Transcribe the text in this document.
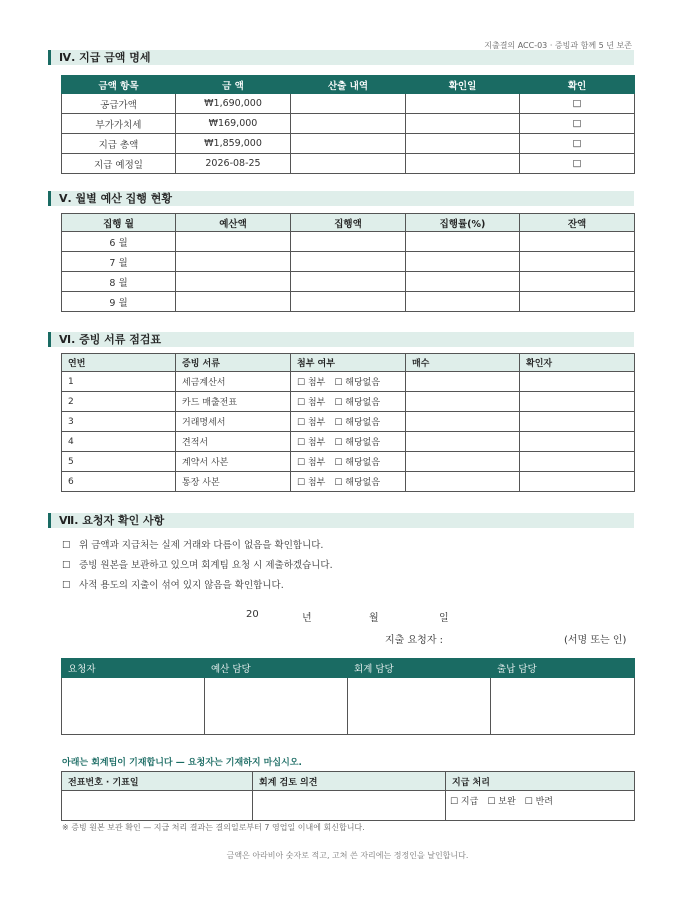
지출결의 ACC-03 · 증빙과 함께 5 년 보존
Ⅳ. 지급 금액 명세
금액 항목	금 액	산출 내역	확인일	확인
공급가액	₩1,690,000			□
부가가치세	₩169,000			□
지급 총액	₩1,859,000			□
지급 예정일	2026-08-25			□
Ⅴ. 월별 예산 집행 현황
집행 월	예산액	집행액	집행률(%)	잔액
6 월				
7 월				
8 월				
9 월				
Ⅵ. 증빙 서류 점검표
연번	증빙 서류	첨부 여부	매수	확인자
1	세금계산서	☐ 첨부　☐ 해당없음		
2	카드 매출전표	☐ 첨부　☐ 해당없음		
3	거래명세서	☐ 첨부　☐ 해당없음		
4	견적서	☐ 첨부　☐ 해당없음		
5	계약서 사본	☐ 첨부　☐ 해당없음		
6	통장 사본	☐ 첨부　☐ 해당없음		
Ⅶ. 요청자 확인 사항
☐ 위 금액과 지급처는 실제 거래와 다름이 없음을 확인합니다.
☐ 증빙 원본을 보관하고 있으며 회계팀 요청 시 제출하겠습니다.
☐ 사적 용도의 지출이 섞여 있지 않음을 확인합니다.
20	년	월	일
지출 요청자 :	(서명 또는 인)
요청자	예산 담당	회계 담당	출납 담당

아래는 회계팀이 기재합니다 — 요청자는 기재하지 마십시오.
전표번호 · 기표일	회계 검토 의견	지급 처리
		☐ 지급　☐ 보완　☐ 반려
※ 증빙 원본 보관 확인 — 지급 처리 결과는 결의일로부터 7 영업일 이내에 회신합니다.
금액은 아라비아 숫자로 적고, 고쳐 쓴 자리에는 정정인을 날인합니다.
